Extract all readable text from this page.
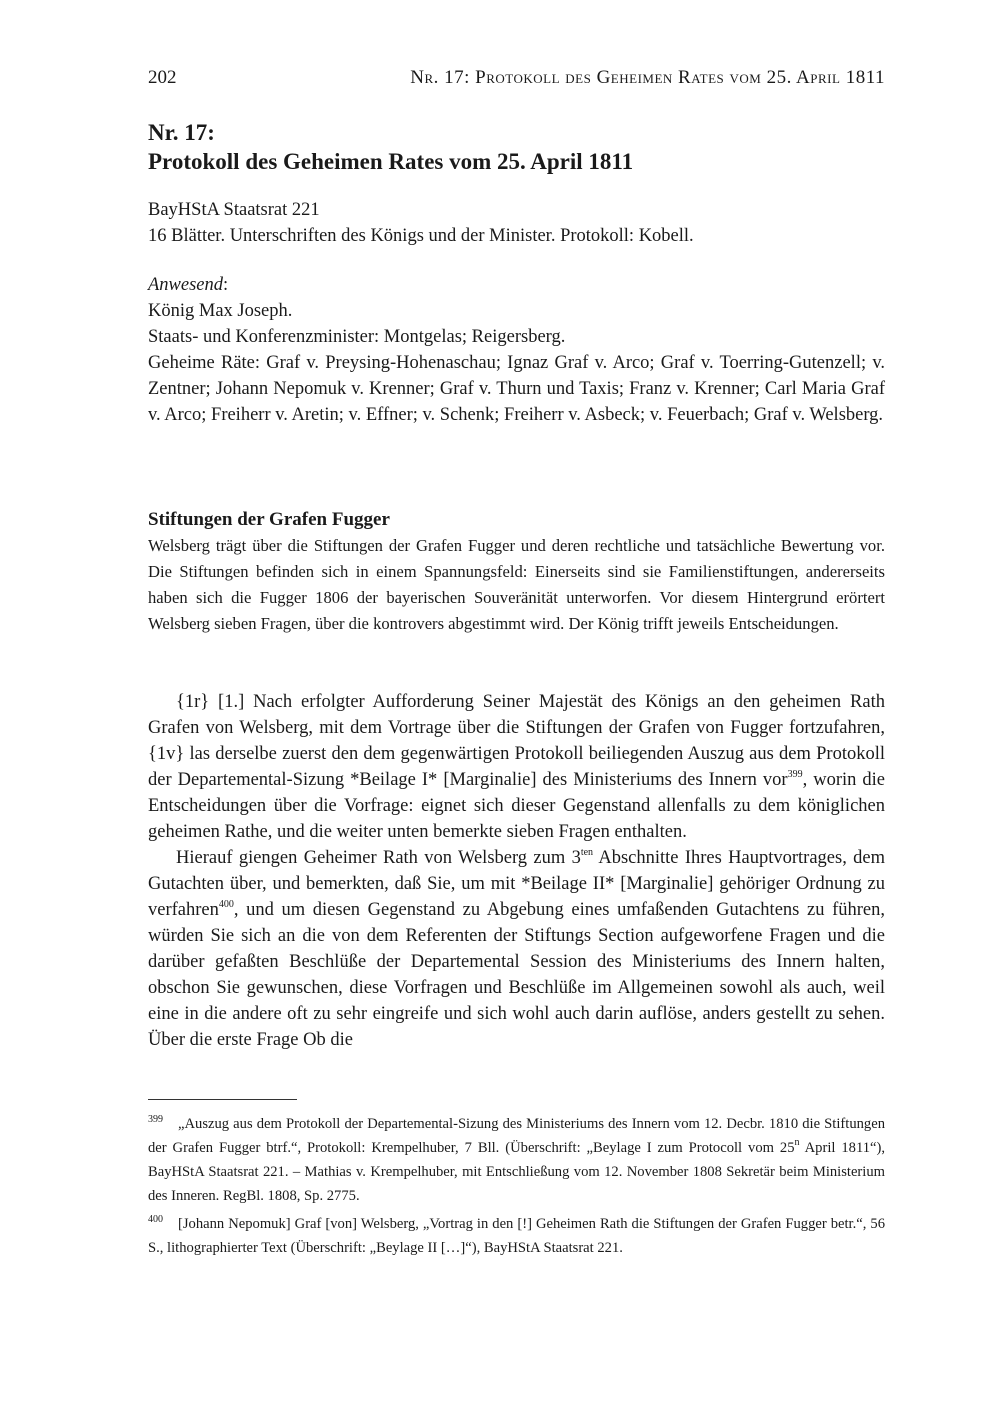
202	Nr. 17: Protokoll des Geheimen Rates vom 25. April 1811
Nr. 17:
Protokoll des Geheimen Rates vom 25. April 1811
BayHStA Staatsrat 221
16 Blätter. Unterschriften des Königs und der Minister. Protokoll: Kobell.
Anwesend:
König Max Joseph.
Staats- und Konferenzminister: Montgelas; Reigersberg.
Geheime Räte: Graf v. Preysing-Hohenaschau; Ignaz Graf v. Arco; Graf v. Toerring-Gutenzell; v. Zentner; Johann Nepomuk v. Krenner; Graf v. Thurn und Taxis; Franz v. Krenner; Carl Maria Graf v. Arco; Freiherr v. Aretin; v. Effner; v. Schenk; Freiherr v. Asbeck; v. Feuerbach; Graf v. Welsberg.
Stiftungen der Grafen Fugger
Welsberg trägt über die Stiftungen der Grafen Fugger und deren rechtliche und tatsächliche Bewertung vor. Die Stiftungen befinden sich in einem Spannungsfeld: Einerseits sind sie Familienstiftungen, andererseits haben sich die Fugger 1806 der bayerischen Souveränität unterworfen. Vor diesem Hintergrund erörtert Welsberg sieben Fragen, über die kontrovers abgestimmt wird. Der König trifft jeweils Entscheidungen.

{1r} [1.] Nach erfolgter Aufforderung Seiner Majestät des Königs an den geheimen Rath Grafen von Welsberg, mit dem Vortrage über die Stiftungen der Grafen von Fugger fortzufahren, {1v} las derselbe zuerst den dem gegenwärtigen Protokoll beiliegenden Auszug aus dem Protokoll der Departemental-Sizung *Beilage I* [Marginalie] des Ministeriums des Innern vor$^{399}$, worin die Entscheidungen über die Vorfrage: eignet sich dieser Gegenstand allenfalls zu dem königlichen geheimen Rathe, und die weiter unten bemerkte sieben Fragen enthalten.

Hierauf giengen Geheimer Rath von Welsberg zum $3^{ten}$ Abschnitte Ihres Hauptvortrages, dem Gutachten über, und bemerkten, daß Sie, um mit *Beilage II* [Marginalie] gehöriger Ordnung zu verfahren$^{400}$, und um diesen Gegenstand zu Abgebung eines umfaßenden Gutachtens zu führen, würden Sie sich an die von dem Referenten der Stiftungs Section aufgeworfene Fragen und die darüber gefaßten Beschlüße der Departemental Session des Ministeriums des Innern halten, obschon Sie gewunschen, diese Vorfragen und Beschlüße im Allgemeinen sowohl als auch, weil eine in die andere oft zu sehr eingreife und sich wohl auch darin auflöse, anders gestellt zu sehen. Über die erste Frage Ob die

399 „Auszug aus dem Protokoll der Departemental-Sizung des Ministeriums des Innern vom 12. Decbr. 1810 die Stiftungen der Grafen Fugger btrf.“, Protokoll: Krempelhuber, 7 Bll. (Überschrift: „Beylage I zum Protocoll vom 25$^n$ April 1811“), BayHStA Staatsrat 221. – Mathias v. Krempelhuber, mit Entschließung vom 12. November 1808 Sekretär beim Ministerium des Inneren. RegBl. 1808, Sp. 2775.
400 [Johann Nepomuk] Graf [von] Welsberg, „Vortrag in den [!] Geheimen Rath die Stiftungen der Grafen Fugger betr.“, 56 S., lithographierter Text (Überschrift: „Beylage II […]“), BayHStA Staatsrat 221.
